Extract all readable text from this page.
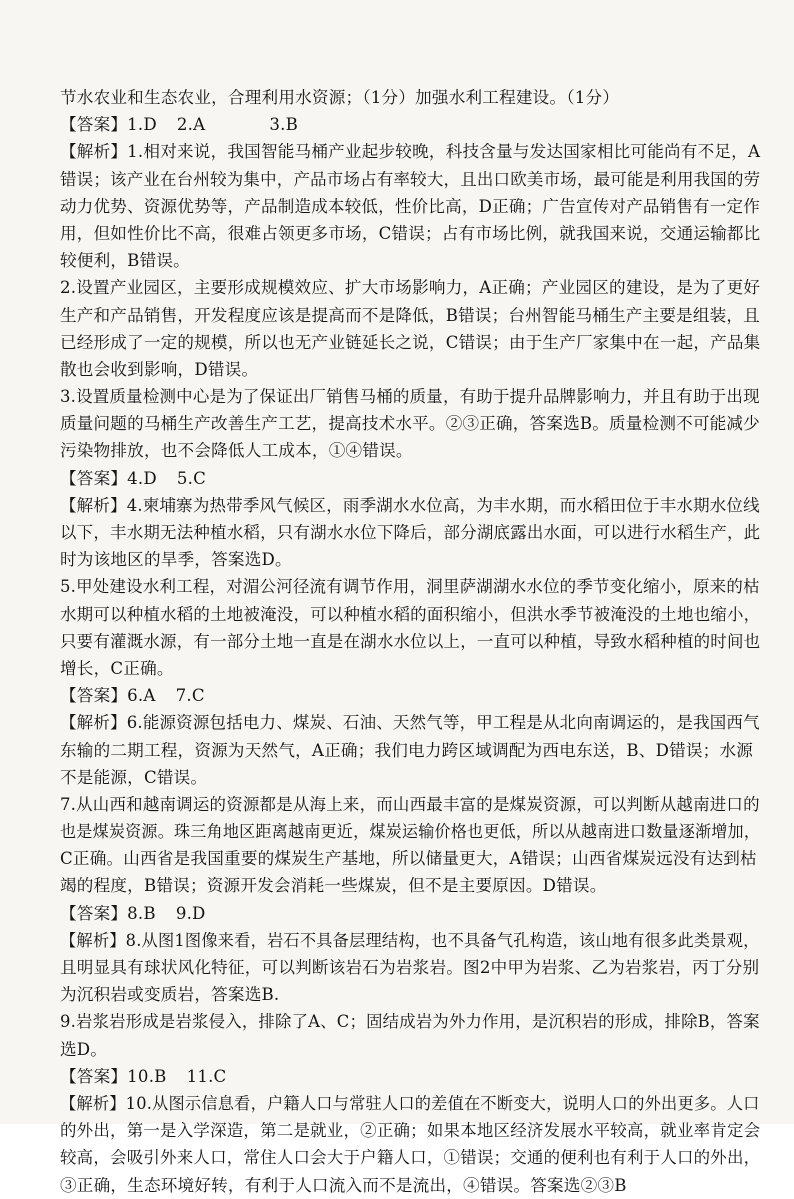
节水农业和生态农业，合理利用水资源；（1分）加强水利工程建设。（1分）
【答案】1.D 2.A	3.B
【解析】1.相对来说，我国智能马桶产业起步较晚，科技含量与发达国家相比可能尚有不足，A
错误；该产业在台州较为集中，产品市场占有率较大，且出口欧美市场，最可能是利用我国的劳
动力优势、资源优势等，产品制造成本较低，性价比高，D正确；广告宣传对产品销售有一定作
用，但如性价比不高，很难占领更多市场，C错误；占有市场比例，就我国来说，交通运输都比
较便利，B错误。
2.设置产业园区，主要形成规模效应、扩大市场影响力，A正确；产业园区的建设，是为了更好
生产和产品销售，开发程度应该是提高而不是降低，B错误；台州智能马桶生产主要是组装，且
已经形成了一定的规模，所以也无产业链延长之说，C错误；由于生产厂家集中在一起，产品集
散也会收到影响，D错误。
3.设置质量检测中心是为了保证出厂销售马桶的质量，有助于提升品牌影响力，并且有助于出现
质量问题的马桶生产改善生产工艺，提高技术水平。②③正确，答案选B。质量检测不可能减少
污染物排放，也不会降低人工成本，①④错误。
【答案】4.D 5.C
【解析】4.柬埔寨为热带季风气候区，雨季湖水水位高，为丰水期，而水稻田位于丰水期水位线
以下，丰水期无法种植水稻，只有湖水水位下降后，部分湖底露出水面，可以进行水稻生产，此
时为该地区的旱季，答案选D。
5.甲处建设水利工程，对湄公河径流有调节作用，洞里萨湖湖水水位的季节变化缩小，原来的枯
水期可以种植水稻的土地被淹没，可以种植水稻的面积缩小，但洪水季节被淹没的土地也缩小，
只要有灌溉水源，有一部分土地一直是在湖水水位以上，一直可以种植，导致水稻种植的时间也
增长，C正确。
【答案】6.A 7.C
【解析】6.能源资源包括电力、煤炭、石油、天然气等，甲工程是从北向南调运的，是我国西气
东输的二期工程，资源为天然气，A正确；我们电力跨区域调配为西电东送，B、D错误；水源
不是能源，C错误。
7.从山西和越南调运的资源都是从海上来，而山西最丰富的是煤炭资源，可以判断从越南进口的
也是煤炭资源。珠三角地区距离越南更近，煤炭运输价格也更低，所以从越南进口数量逐渐增加，
C正确。山西省是我国重要的煤炭生产基地，所以储量更大，A错误；山西省煤炭远没有达到枯
竭的程度，B错误；资源开发会消耗一些煤炭，但不是主要原因。D错误。
【答案】8.B 9.D
【解析】8.从图1图像来看，岩石不具备层理结构，也不具备气孔构造，该山地有很多此类景观，
且明显具有球状风化特征，可以判断该岩石为岩浆岩。图2中甲为岩浆、乙为岩浆岩，丙丁分别
为沉积岩或变质岩，答案选B.
9.岩浆岩形成是岩浆侵入，排除了A、C；固结成岩为外力作用，是沉积岩的形成，排除B，答案
选D。
【答案】10.B 11.C
【解析】10.从图示信息看，户籍人口与常驻人口的差值在不断变大，说明人口的外出更多。人口
的外出，第一是入学深造，第二是就业，②正确；如果本地区经济发展水平较高，就业率肯定会
较高，会吸引外来人口，常住人口会大于户籍人口，①错误；交通的便利也有利于人口的外出，
③正确，生态环境好转，有利于人口流入而不是流出，④错误。答案选②③B
